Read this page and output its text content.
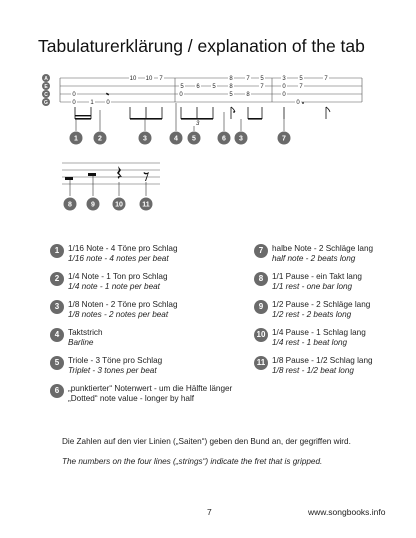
Tabulaturerklärung / explanation of the tab
A
E
C
G
10 10 7	8 7 5	3 5	7
5 6 5 8	7	0 7
0	0	5 8	0
0 1 0	0
3
1	2	3	4 5	6 3	7
8	9	10	11
1	1/16 Note - 4 Töne pro Schlag
1/16 note - 4 notes per beat
2	1/4 Note - 1 Ton pro Schlag
1/4 note - 1 note per beat
3	1/8 Noten - 2 Töne pro Schlag
1/8 notes - 2 notes per beat
4	Taktstrich
Barline
5	Triole - 3 Töne pro Schlag
Triplet - 3 tones per beat
6	„punktierter“ Notenwert - um die Hälfte länger
„Dotted“ note value - longer by half
7	halbe Note - 2 Schläge lang
half note - 2 beats long
8	1/1 Pause - ein Takt lang
1/1 rest - one bar long
9	1/2 Pause - 2 Schläge lang
1/2 rest - 2 beats long
10 1/4 Pause - 1 Schlag lang
1/4 rest - 1 beat long
11 1/8 Pause - 1/2 Schlag lang
1/8 rest - 1/2 beat long
Die Zahlen auf den vier Linien („Saiten“) geben den Bund an, der gegriffen wird.
The numbers on the four lines („strings“) indicate the fret that is gripped.
7	www.songbooks.info
